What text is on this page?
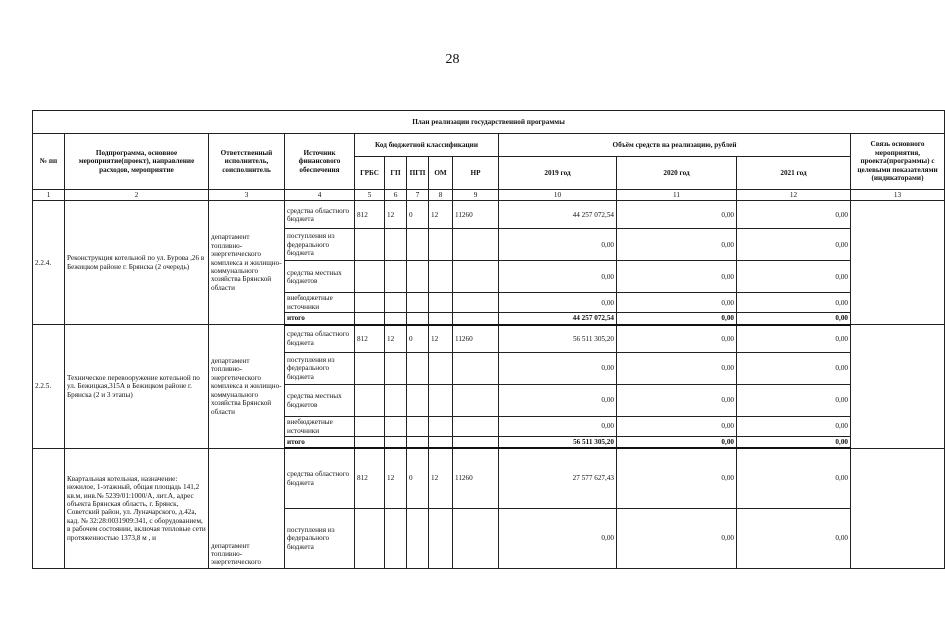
28
План реализации государственной программы												
№ пп	Подпрограмма, основное мероприятие(проект), направление расходов, мероприятие	Ответственный исполнитель, соисполнитель	Источник финансового обеспечения	Код бюджетной классификации					Объём средств на реализацию, рублей			Связь основного мероприятия, проекта(программы) с целевыми показателями (индикаторами)
				ГРБС	ГП	ПГП	ОМ	НР	2019 год	2020 год	2021 год	
1	2	3	4	5	6	7	8	9	10	11	12	13
2.2.4.	Реконструкция котельной по ул. Бурова ,26 в Бежицком районе г. Брянска (2 очередь)	департамент топливно-энергетического комплекса и жилищно-коммунального хозяйства Брянской области	средства областного бюджета	812	12	0	12	11260	44 257 072,54	0,00	0,00	
			поступления из федерального бюджета						0,00	0,00	0,00	
			средства местных бюджетов						0,00	0,00	0,00	
			внебюджетные источники						0,00	0,00	0,00	
			итого						44 257 072,54	0,00	0,00	
2.2.5.	Техническое перевооружение котельной по ул. Бежицкая,315А в Бежицком районе г. Брянска (2 и 3 этапы)	департамент топливно-энергетического комплекса и жилищно-коммунального хозяйства Брянской области	средства областного бюджета	812	12	0	12	11260	56 511 305,20	0,00	0,00	
			поступления из федерального бюджета						0,00	0,00	0,00	
			средства местных бюджетов						0,00	0,00	0,00	
			внебюджетные источники						0,00	0,00	0,00	
			итого						56 511 305,20	0,00	0,00	
	Квартальная котельная, назначение: нежилое, 1-этажный, общая площадь 141,2 кв.м, инв.№ 5239/01:1000/А, лит.А, адрес объекта Брянская область, г. Брянск, Советский район, ул. Луначарского, д.42а, кад. № 32:28:0031909:341, с оборудованием, в рабочем состоянии, включая тепловые сети протяженностью 1373,8 м , и	департамент топливно-энергетического	средства областного бюджета	812	12	0	12	11260	27 577 627,43	0,00	0,00	
			поступления из федерального бюджета						0,00	0,00	0,00	
